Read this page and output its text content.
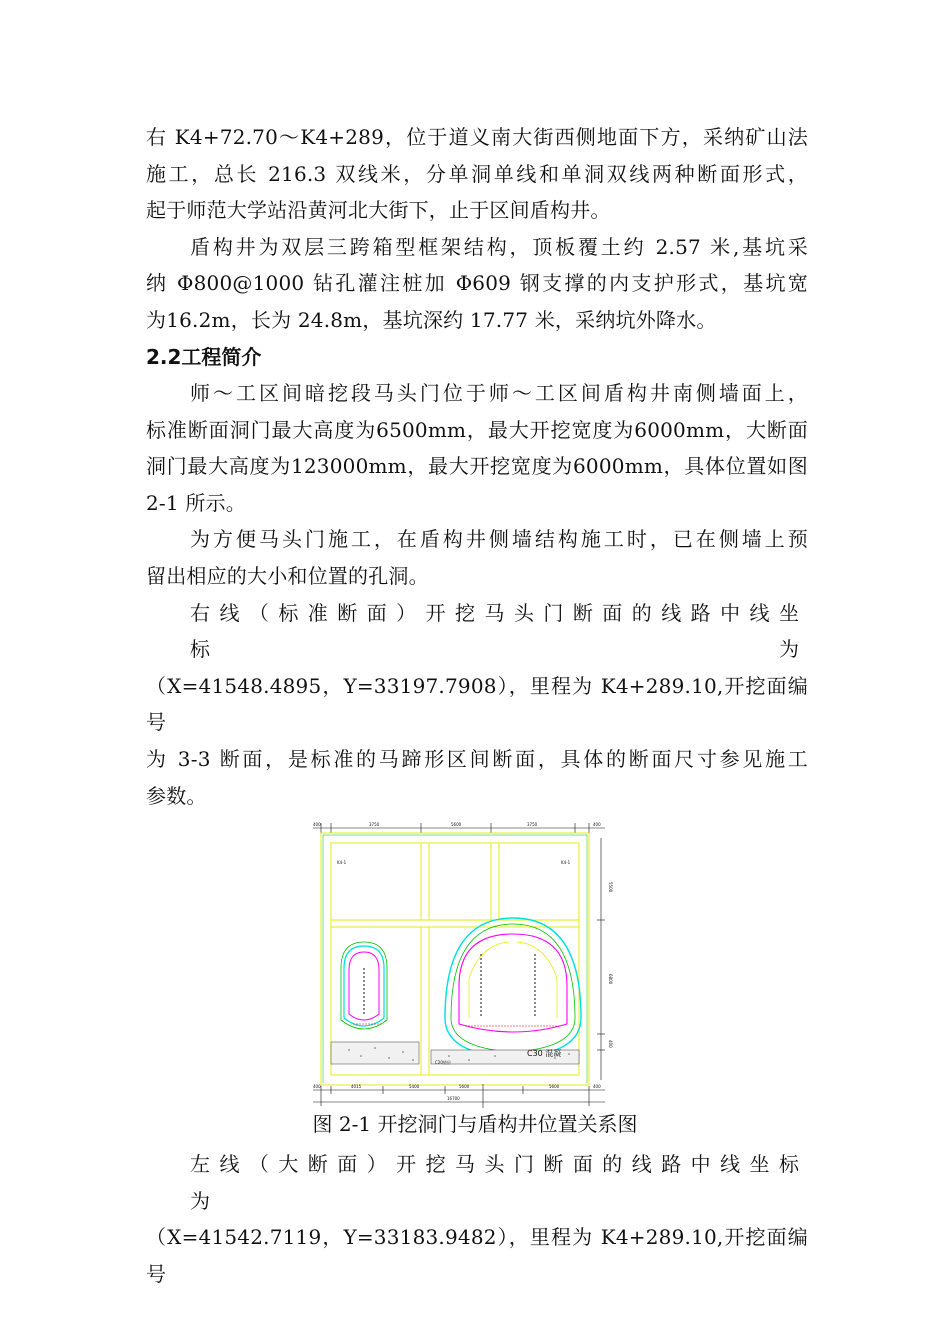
右 K4+72.70～K4+289，位于道义南大街西侧地面下方，采纳矿山法
施工，总长 216.3 双线米，分单洞单线和单洞双线两种断面形式，
起于师范大学站沿黄河北大街下，止于区间盾构井。

盾构井为双层三跨箱型框架结构，顶板覆土约 2.57 米,基坑采
纳 Φ800@1000 钻孔灌注桩加 Φ609 钢支撑的内支护形式，基坑宽
为16.2m，长为 24.8m，基坑深约 17.77 米，采纳坑外降水。

2.2工程简介

师～工区间暗挖段马头门位于师～工区间盾构井南侧墙面上，
标准断面洞门最大高度为6500mm，最大开挖宽度为6000mm，大断面
洞门最大高度为123000mm，最大开挖宽度为6000mm，具体位置如图
2-1 所示。

为方便马头门施工，在盾构井侧墙结构施工时，已在侧墙上预
留出相应的大小和位置的孔洞。

右线（标准断面）开挖马头门断面的线路中线坐标为
（X=41548.4895，Y=33197.7908），里程为 K4+289.10,开挖面编号
为 3-3 断面，是标准的马蹄形区间断面，具体的断面尺寸参见施工
参数。

400	3750	5600	3750	400
K4-1	K4-1
C20垫层
C30 混凝
5500
6800
400
400	4015	5400	5600	5600	400
16700
图 2-1 开挖洞门与盾构井位置关系图

左线（大断面）开挖马头门断面的线路中线坐标为
（X=41542.7119，Y=33183.9482），里程为 K4+289.10,开挖面编号
